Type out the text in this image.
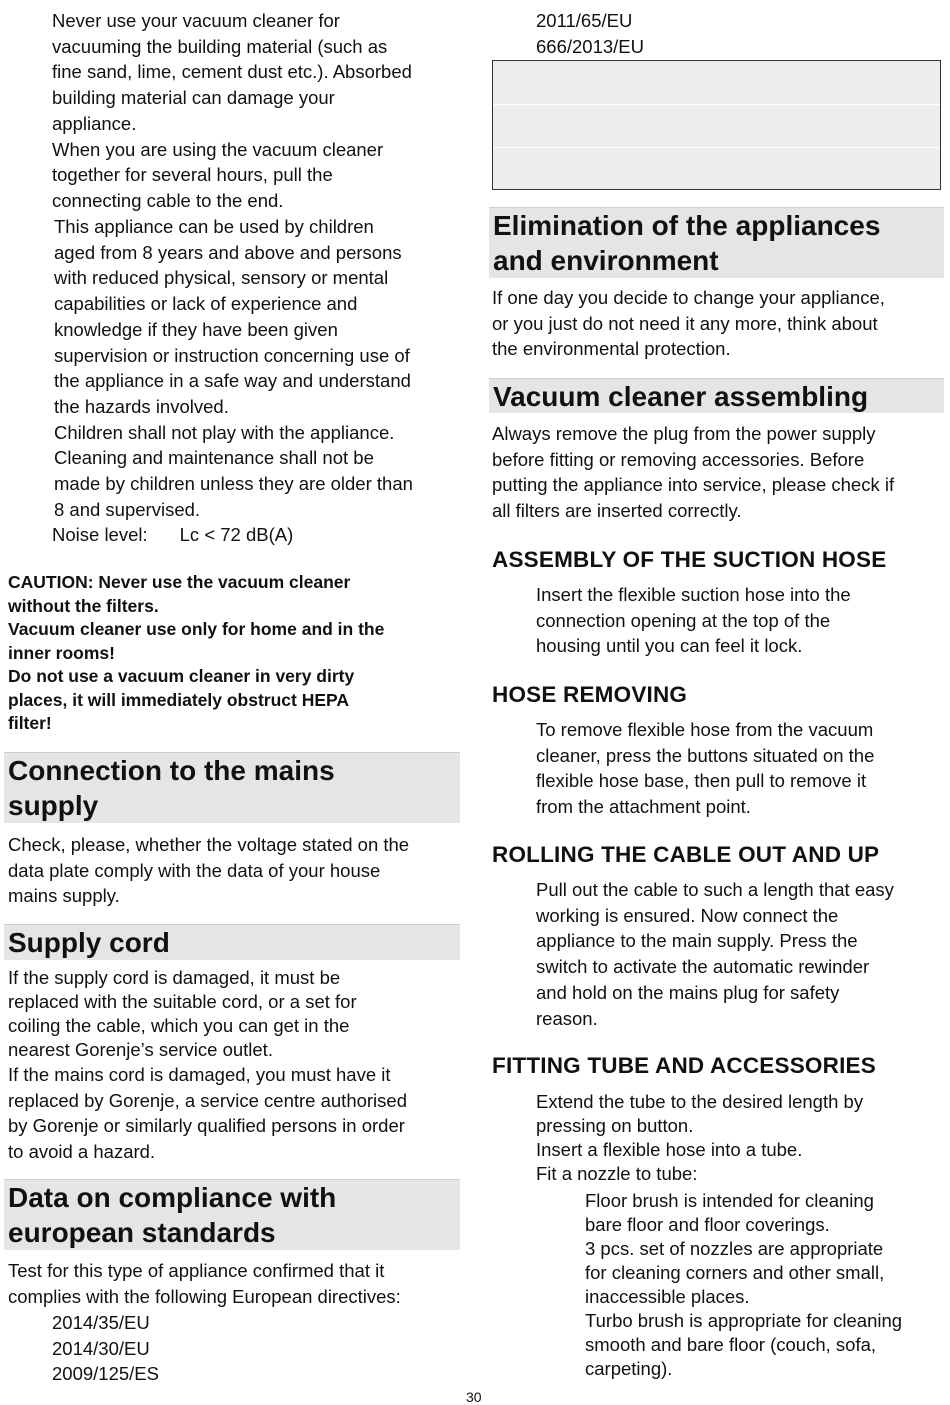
Never use your vacuum cleaner for
vacuuming the building material (such as
fine sand, lime, cement dust etc.). Absorbed
building material can damage your
appliance.
When you are using the vacuum cleaner
together for several hours, pull the
connecting cable to the end.
This appliance can be used by children
aged from 8 years and above and persons
with reduced physical, sensory or mental
capabilities or lack of experience and
knowledge if they have been given
supervision or instruction concerning use of
the appliance in a safe way and understand
the hazards involved.
Children shall not play with the appliance.
Cleaning and maintenance shall not be
made by children unless they are older than
8 and supervised.
Noise level: Lc < 72 dB(A)
CAUTION: Never use the vacuum cleaner
without the filters.
Vacuum cleaner use only for home and in the
inner rooms!
Do not use a vacuum cleaner in very dirty
places, it will immediately obstruct HEPA
filter!
Connection to the mains
supply
Check, please, whether the voltage stated on the
data plate comply with the data of your house
mains supply.
Supply cord
If the supply cord is damaged, it must be
replaced with the suitable cord, or a set for
coiling the cable, which you can get in the
nearest Gorenje’s service outlet.
If the mains cord is damaged, you must have it
replaced by Gorenje, a service centre authorised
by Gorenje or similarly qualified persons in order
to avoid a hazard.
Data on compliance with
european standards
Test for this type of appliance confirmed that it
complies with the following European directives:
2014/35/EU
2014/30/EU
2009/125/ES
2011/65/EU
666/2013/EU
Elimination of the appliances
and environment
If one day you decide to change your appliance,
or you just do not need it any more, think about
the environmental protection.
Vacuum cleaner assembling
Always remove the plug from the power supply
before fitting or removing accessories. Before
putting the appliance into service, please check if
all filters are inserted correctly.
ASSEMBLY OF THE SUCTION HOSE
Insert the flexible suction hose into the
connection opening at the top of the
housing until you can feel it lock.
HOSE REMOVING
To remove flexible hose from the vacuum
cleaner, press the buttons situated on the
flexible hose base, then pull to remove it
from the attachment point.
ROLLING THE CABLE OUT AND UP
Pull out the cable to such a length that easy
working is ensured. Now connect the
appliance to the main supply. Press the
switch to activate the automatic rewinder
and hold on the mains plug for safety
reason.
FITTING TUBE AND ACCESSORIES
Extend the tube to the desired length by
pressing on button.
Insert a flexible hose into a tube.
Fit a nozzle to tube:
Floor brush is intended for cleaning
bare floor and floor coverings.
3 pcs. set of nozzles are appropriate
for cleaning corners and other small,
inaccessible places.
Turbo brush is appropriate for cleaning
smooth and bare floor (couch, sofa,
carpeting).
30
